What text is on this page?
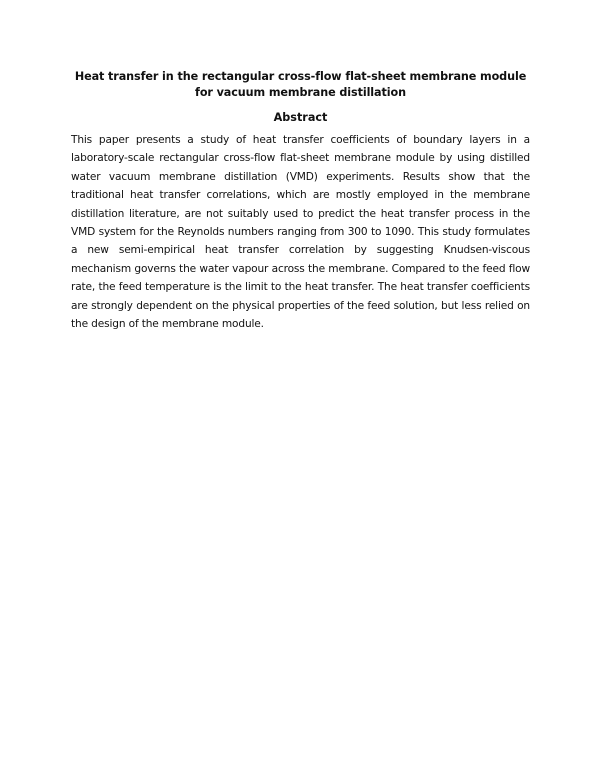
Heat transfer in the rectangular cross-flow flat-sheet membrane module for vacuum membrane distillation
Abstract

This paper presents a study of heat transfer coefficients of boundary layers in a laboratory-scale rectangular cross-flow flat-sheet membrane module by using distilled water vacuum membrane distillation (VMD) experiments. Results show that the traditional heat transfer correlations, which are mostly employed in the membrane distillation literature, are not suitably used to predict the heat transfer process in the VMD system for the Reynolds numbers ranging from 300 to 1090. This study formulates a new semi-empirical heat transfer correlation by suggesting Knudsen-viscous mechanism governs the water vapour across the membrane. Compared to the feed flow rate, the feed temperature is the limit to the heat transfer. The heat transfer coefficients are strongly dependent on the physical properties of the feed solution, but less relied on the design of the membrane module.
